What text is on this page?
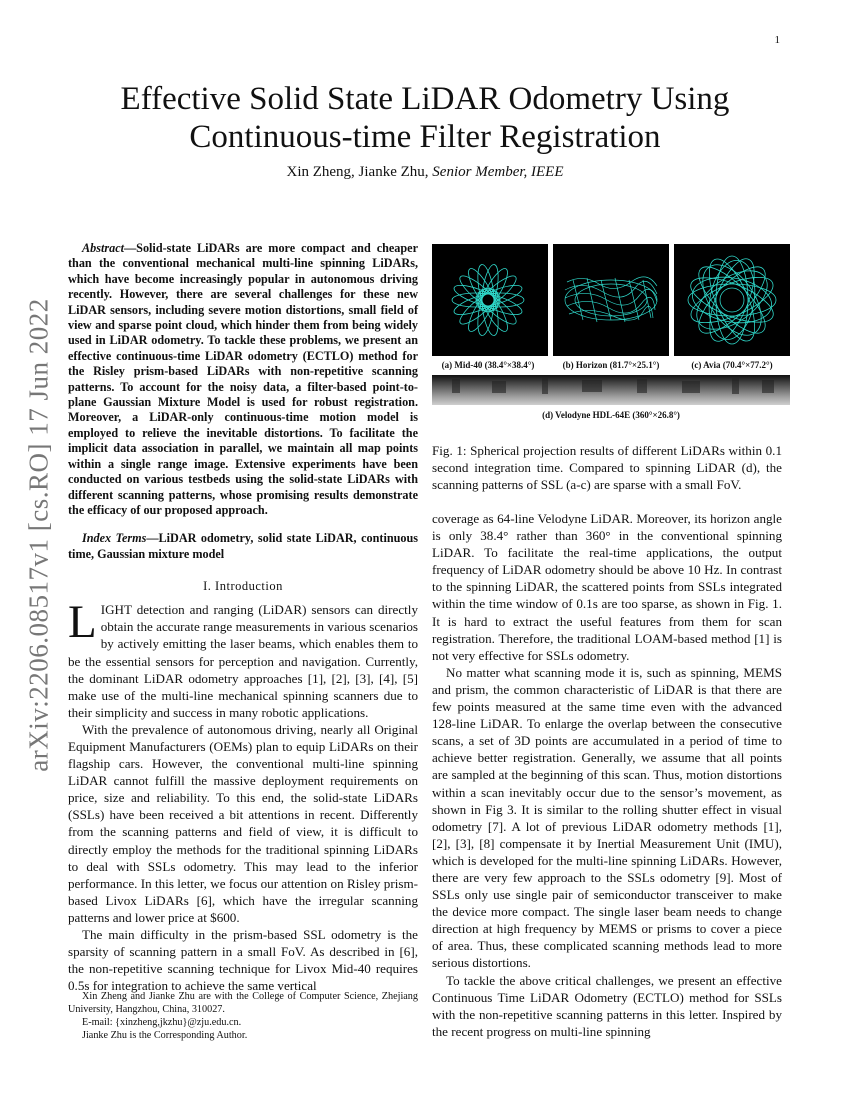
1
arXiv:2206.08517v1 [cs.RO] 17 Jun 2022
Effective Solid State LiDAR Odometry Using
Continuous-time Filter Registration
Xin Zheng, Jianke Zhu, Senior Member, IEEE

Abstract—Solid-state LiDARs are more compact and cheaper than the conventional mechanical multi-line spinning LiDARs, which have become increasingly popular in autonomous driving recently. However, there are several challenges for these new LiDAR sensors, including severe motion distortions, small field of view and sparse point cloud, which hinder them from being widely used in LiDAR odometry. To tackle these problems, we present an effective continuous-time LiDAR odometry (ECTLO) method for the Risley prism-based LiDARs with non-repetitive scanning patterns. To account for the noisy data, a filter-based point-to-plane Gaussian Mixture Model is used for robust registration. Moreover, a LiDAR-only continuous-time motion model is employed to relieve the inevitable distortions. To facilitate the implicit data association in parallel, we maintain all map points within a single range image. Extensive experiments have been conducted on various testbeds using the solid-state LiDARs with different scanning patterns, whose promising results demonstrate the efficacy of our proposed approach.

Index Terms—LiDAR odometry, solid state LiDAR, continuous time, Gaussian mixture model

I. Introduction

LIGHT detection and ranging (LiDAR) sensors can directly obtain the accurate range measurements in various scenarios by actively emitting the laser beams, which enables them to be the essential sensors for perception and navigation. Currently, the dominant LiDAR odometry approaches [1], [2], [3], [4], [5] make use of the multi-line mechanical spinning scanners due to their simplicity and success in many robotic applications.

With the prevalence of autonomous driving, nearly all Original Equipment Manufacturers (OEMs) plan to equip LiDARs on their flagship cars. However, the conventional multi-line spinning LiDAR cannot fulfill the massive deployment requirements on price, size and reliability. To this end, the solid-state LiDARs (SSLs) have been received a bit attentions in recent. Differently from the scanning patterns and field of view, it is difficult to directly employ the methods for the traditional spinning LiDARs to deal with SSLs odometry. This may lead to the inferior performance. In this letter, we focus our attention on Risley prism-based Livox LiDARs [6], which have the irregular scanning patterns and lower price at $600.

The main difficulty in the prism-based SSL odometry is the sparsity of scanning pattern in a small FoV. As described in [6], the non-repetitive scanning technique for Livox Mid-40 requires 0.5s for integration to achieve the same vertical

Xin Zheng and Jianke Zhu are with the College of Computer Science, Zhejiang University, Hangzhou, China, 310027.

E-mail: {xinzheng,jkzhu}@zju.edu.cn.

Jianke Zhu is the Corresponding Author.

(a) Mid-40 (38.4°×38.4°)	(b) Horizon (81.7°×25.1°)	(c) Avia (70.4°×77.2°)
(d) Velodyne HDL-64E (360°×26.8°)
Fig. 1: Spherical projection results of different LiDARs within 0.1 second integration time. Compared to spinning LiDAR (d), the scanning patterns of SSL (a-c) are sparse with a small FoV.

coverage as 64-line Velodyne LiDAR. Moreover, its horizon angle is only 38.4° rather than 360° in the conventional spinning LiDAR. To facilitate the real-time applications, the output frequency of LiDAR odometry should be above 10 Hz. In contrast to the spinning LiDAR, the scattered points from SSLs integrated within the time window of 0.1s are too sparse, as shown in Fig. 1. It is hard to extract the useful features from them for scan registration. Therefore, the traditional LOAM-based method [1] is not very effective for SSLs odometry.

No matter what scanning mode it is, such as spinning, MEMS and prism, the common characteristic of LiDAR is that there are few points measured at the same time even with the advanced 128-line LiDAR. To enlarge the overlap between the consecutive scans, a set of 3D points are accumulated in a period of time to achieve better registration. Generally, we assume that all points are sampled at the beginning of this scan. Thus, motion distortions within a scan inevitably occur due to the sensor’s movement, as shown in Fig 3. It is similar to the rolling shutter effect in visual odometry [7]. A lot of previous LiDAR odometry methods [1], [2], [3], [8] compensate it by Inertial Measurement Unit (IMU), which is developed for the multi-line spinning LiDARs. However, there are very few approach to the SSLs odometry [9]. Most of SSLs only use single pair of semiconductor transceiver to make the device more compact. The single laser beam needs to change direction at high frequency by MEMS or prisms to cover a piece of area. Thus, these complicated scanning methods lead to more serious distortions.

To tackle the above critical challenges, we present an effective Continuous Time LiDAR Odometry (ECTLO) method for SSLs with the non-repetitive scanning patterns in this letter. Inspired by the recent progress on multi-line spinning
